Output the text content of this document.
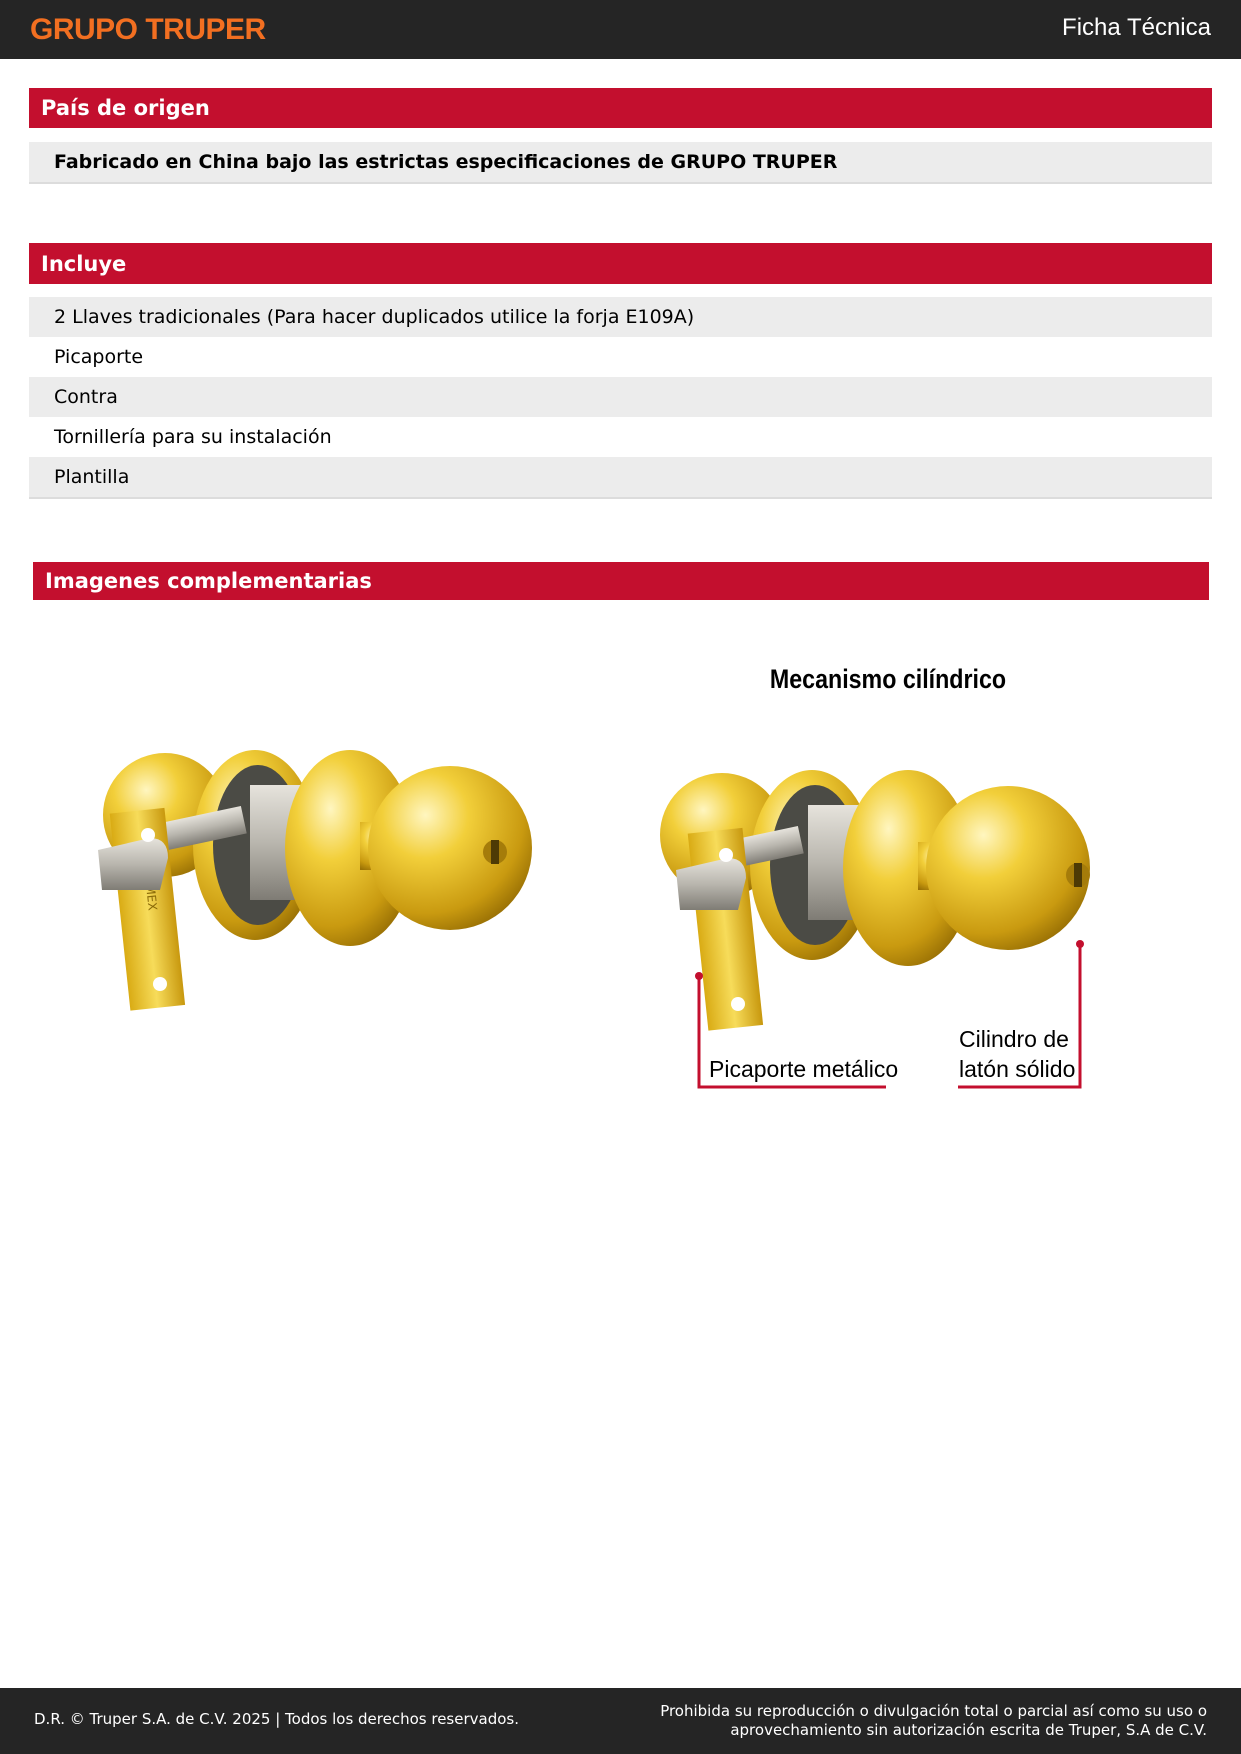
GRUPO TRUPER	Ficha Técnica
País de origen
Fabricado en China bajo las estrictas especificaciones de GRUPO TRUPER
Incluye
2 Llaves tradicionales (Para hacer duplicados utilice la forja E109A)
Picaporte
Contra
Tornillería para su instalación
Plantilla
Imagenes complementarias
Mecanismo cilíndrico
Picaporte metálico
Cilindro de
latón sólido
D.R. © Truper S.A. de C.V. 2025 | Todos los derechos reservados.	Prohibida su reproducción o divulgación total o parcial así como su uso o
aprovechamiento sin autorización escrita de Truper, S.A de C.V.
